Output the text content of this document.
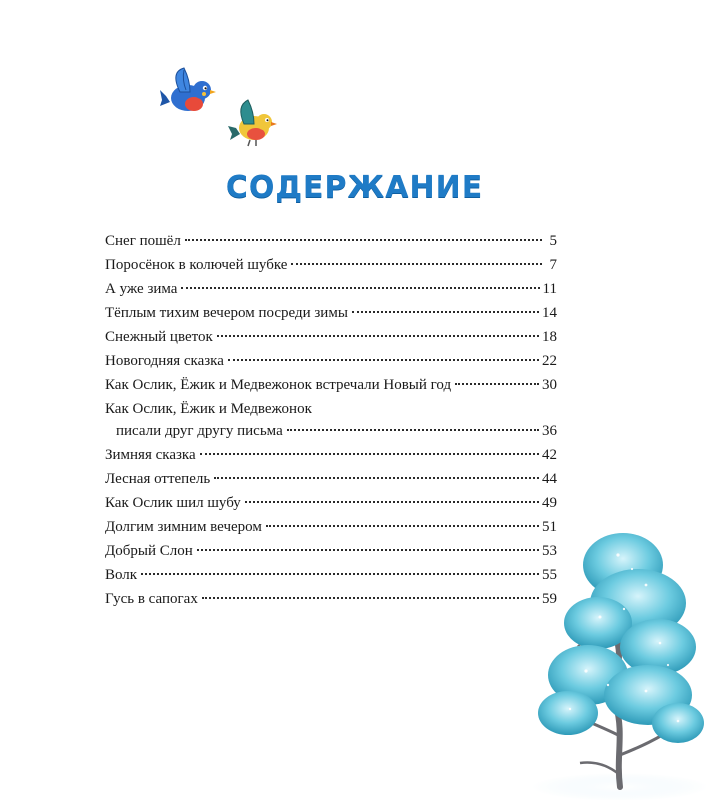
СОДЕРЖАНИЕ
Снег пошёл	5
Поросёнок в колючей шубке	7
А уже зима	11
Тёплым тихим вечером посреди зимы	14
Снежный цветок	18
Новогодняя сказка	22
Как Ослик, Ёжик и Медвежонок встречали Новый год	30
Как Ослик, Ёжик и Медвежонок
писали друг другу письма	36
Зимняя сказка	42
Лесная оттепель	44
Как Ослик шил шубу	49
Долгим зимним вечером	51
Добрый Слон	53
Волк	55
Гусь в сапогах	59
